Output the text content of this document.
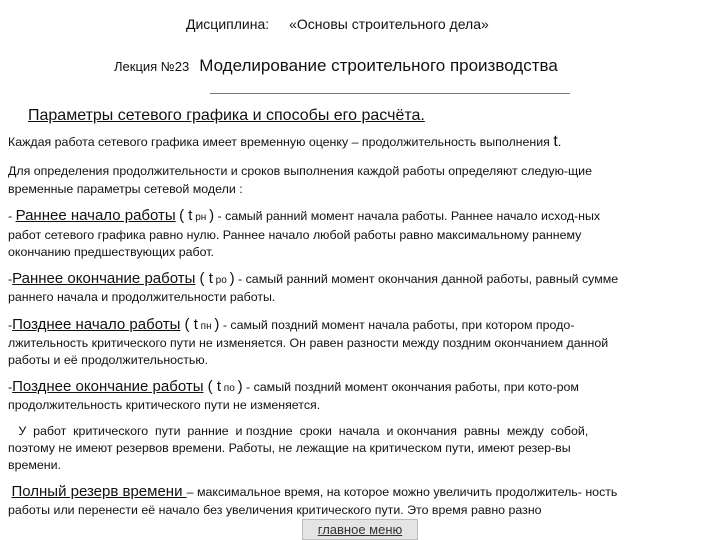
Дисциплина: «Основы строительного дела»
Лекция №23 Моделирование строительного производства
Параметры сетевого графика и способы его расчёта.
Каждая работа сетевого графика имеет временную оценку – продолжительность выполнения t.
Для определения продолжительности и сроков выполнения каждой работы определяют следую-щие
временные параметры сетевой модели :
- Раннее начало работы ( t рн ) - самый ранний момент начала работы. Раннее начало исход-ных
работ сетевого графика равно нулю. Раннее начало любой работы равно максимальному раннему
окончанию предшествующих работ.
-Раннее окончание работы ( t ро ) - самый ранний момент окончания данной работы, равный сумме
раннего начала и продолжительности работы.
-Позднее начало работы ( t пн ) - самый поздний момент начала работы, при котором продо-
лжительность критического пути не изменяется. Он равен разности между поздним окончанием данной
работы и её продолжительностью.
-Позднее окончание работы ( t по ) - самый поздний момент окончания работы, при кото-ром
продолжительность критического пути не изменяется.
У  работ  критического  пути  ранние  и поздние  сроки  начала  и окончания  равны  между  собой,
поэтому не имеют резервов времени. Работы, не лежащие на критическом пути, имеют резер-вы
времени.
Полный резерв времени – максимальное время, на которое можно увеличить продолжитель- ность
работы или перенести её начало без увеличения критического пути. Это время равно разно
главное меню
